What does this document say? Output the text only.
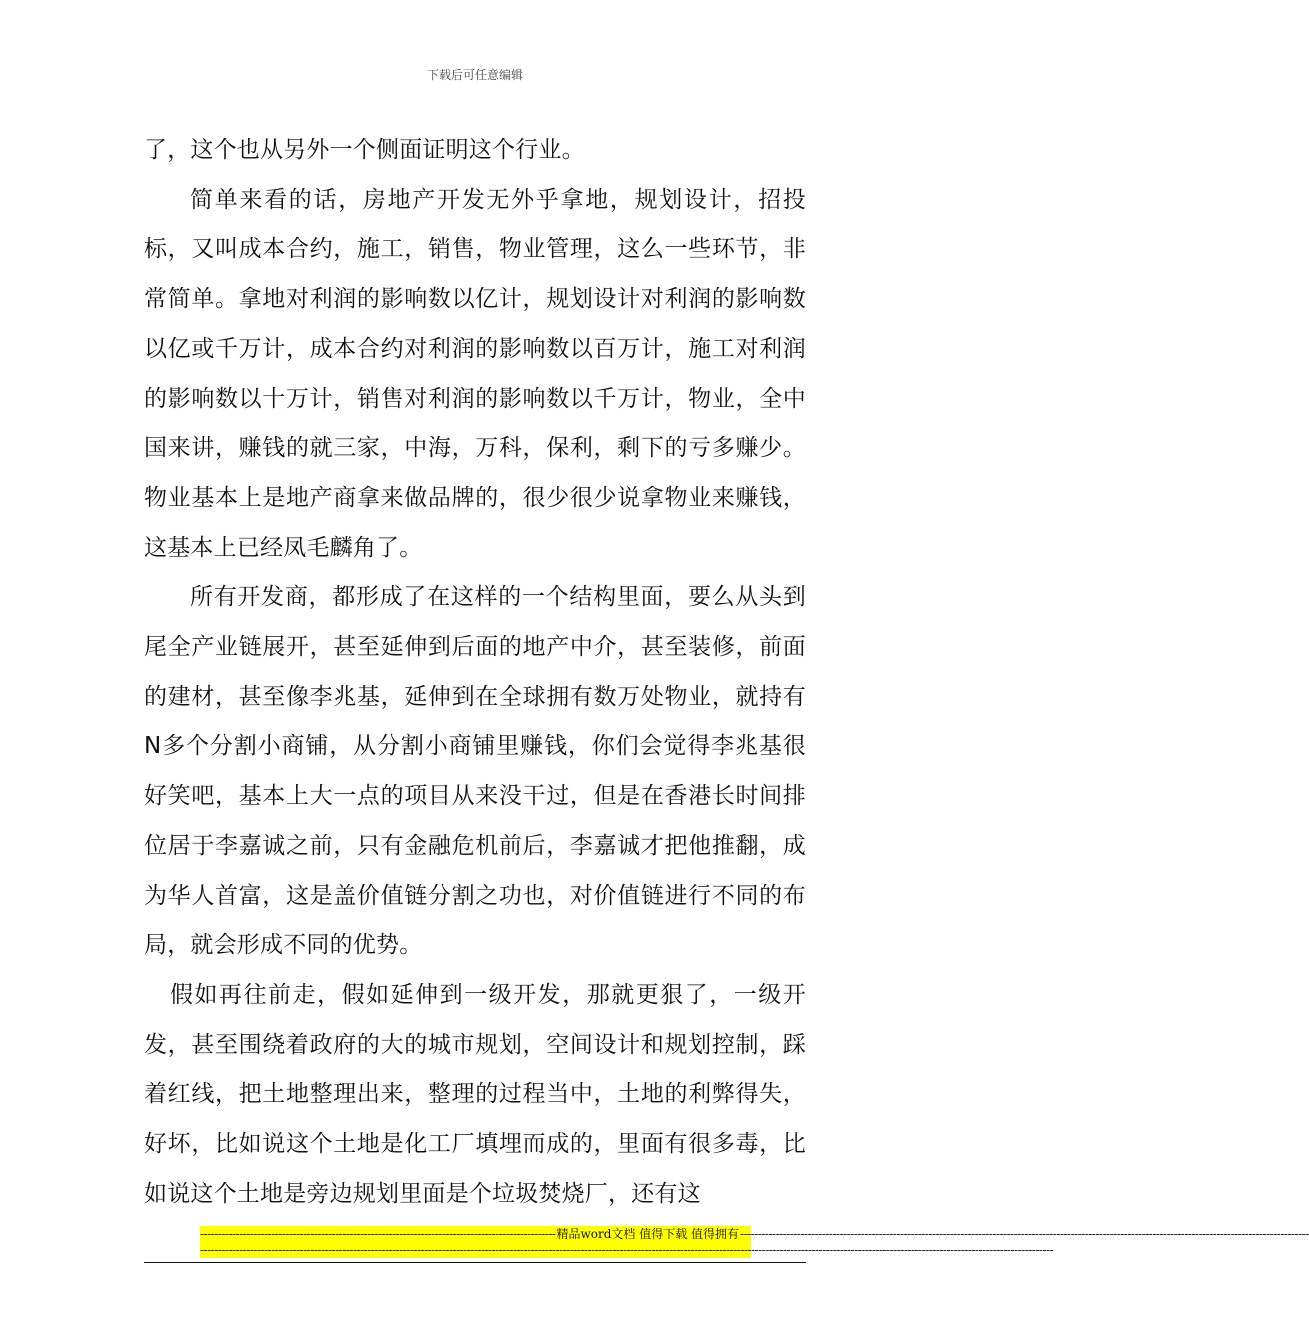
下载后可任意编辑

了，这个也从另外一个侧面证明这个行业。

简单来看的话，房地产开发无外乎拿地，规划设计，招投标，又叫成本合约，施工，销售，物业管理，这么一些环节，非常简单。拿地对利润的影响数以亿计，规划设计对利润的影响数以亿或千万计，成本合约对利润的影响数以百万计，施工对利润的影响数以十万计，销售对利润的影响数以千万计，物业，全中国来讲，赚钱的就三家，中海，万科，保利，剩下的亏多赚少。物业基本上是地产商拿来做品牌的，很少很少说拿物业来赚钱，这基本上已经凤毛麟角了。

所有开发商，都形成了在这样的一个结构里面，要么从头到尾全产业链展开，甚至延伸到后面的地产中介，甚至装修，前面的建材，甚至像李兆基，延伸到在全球拥有数万处物业，就持有N多个分割小商铺，从分割小商铺里赚钱，你们会觉得李兆基很好笑吧，基本上大一点的项目从来没干过，但是在香港长时间排位居于李嘉诚之前，只有金融危机前后，李嘉诚才把他推翻，成为华人首富，这是盖价值链分割之功也，对价值链进行不同的布局，就会形成不同的优势。

假如再往前走，假如延伸到一级开发，那就更狠了，一级开发，甚至围绕着政府的大的城市规划，空间设计和规划控制，踩着红线，把土地整理出来，整理的过程当中，土地的利弊得失，好坏，比如说这个土地是化工厂填埋而成的，里面有很多毒，比如说这个土地是旁边规划里面是个垃圾焚烧厂，还有这

---------------------------------------------------------------------------------------------------- 精品word文档 值得下载 值得拥有 ----------------------------------------------------------------------------------------------------------------------------------------------------------------
------------------------------------------------------------------------------------------------------------------------------------------------------------------------------------------------------------------------------------------------
